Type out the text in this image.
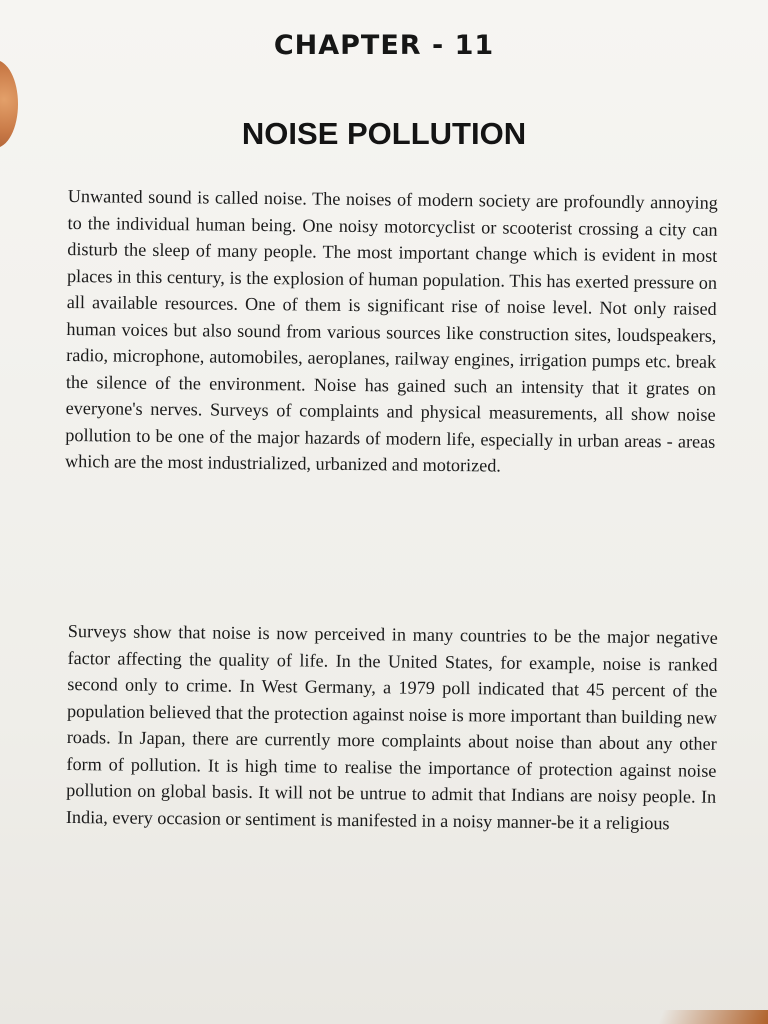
CHAPTER - 11
NOISE POLLUTION

Unwanted sound is called noise. The noises of modern society are profoundly annoying to the individual human being. One noisy motorcyclist or scooterist crossing a city can disturb the sleep of many people. The most important change which is evident in most places in this century, is the explosion of human population. This has exerted pressure on all available resources. One of them is significant rise of noise level. Not only raised human voices but also sound from various sources like construction sites, loudspeakers, radio, microphone, automobiles, aeroplanes, railway engines, irrigation pumps etc. break the silence of the environment. Noise has gained such an intensity that it grates on everyone's nerves. Surveys of complaints and physical measurements, all show noise pollution to be one of the major hazards of modern life, especially in urban areas - areas which are the most industrialized, urbanized and motorized.

Surveys show that noise is now perceived in many countries to be the major negative factor affecting the quality of life. In the United States, for example, noise is ranked second only to crime. In West Germany, a 1979 poll indicated that 45 percent of the population believed that the protection against noise is more important than building new roads. In Japan, there are currently more complaints about noise than about any other form of pollution. It is high time to realise the importance of protection against noise pollution on global basis. It will not be untrue to admit that Indians are noisy people. In India, every occasion or sentiment is manifested in a noisy manner-be it a religious
